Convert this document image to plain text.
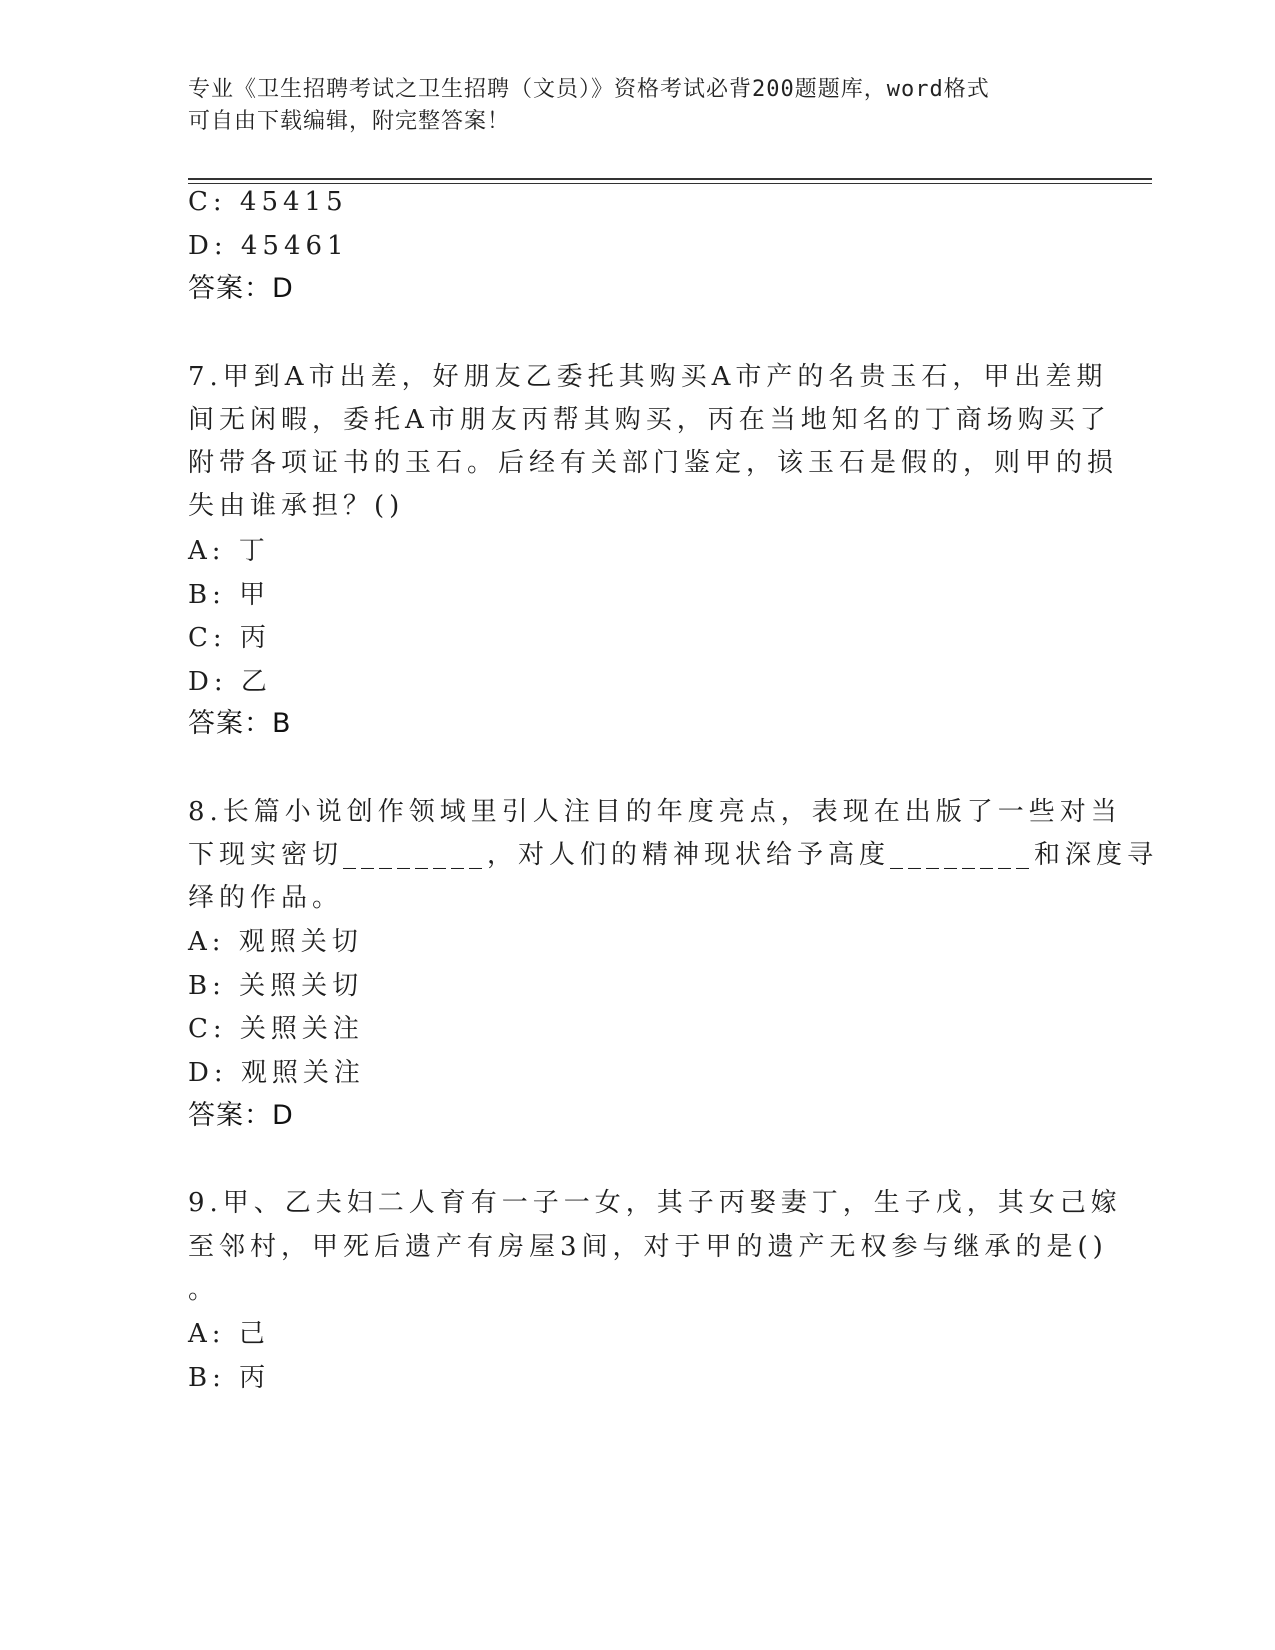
专业《卫生招聘考试之卫生招聘（文员）》资格考试必背200题题库，word格式
可自由下载编辑，附完整答案！
C: 45415
D: 45461
答案：D
7.甲到A市出差，好朋友乙委托其购买A市产的名贵玉石，甲出差期
间无闲暇，委托A市朋友丙帮其购买，丙在当地知名的丁商场购买了
附带各项证书的玉石。后经有关部门鉴定，该玉石是假的，则甲的损
失由谁承担？()
A: 丁
B: 甲
C: 丙
D: 乙
答案：B
8.长篇小说创作领域里引人注目的年度亮点，表现在出版了一些对当
下现实密切________，对人们的精神现状给予高度________和深度寻
绎的作品。
A: 观照关切
B: 关照关切
C: 关照关注
D: 观照关注
答案：D
9.甲、乙夫妇二人育有一子一女，其子丙娶妻丁，生子戊，其女己嫁
至邻村，甲死后遗产有房屋3间，对于甲的遗产无权参与继承的是()
。
A: 己
B: 丙
